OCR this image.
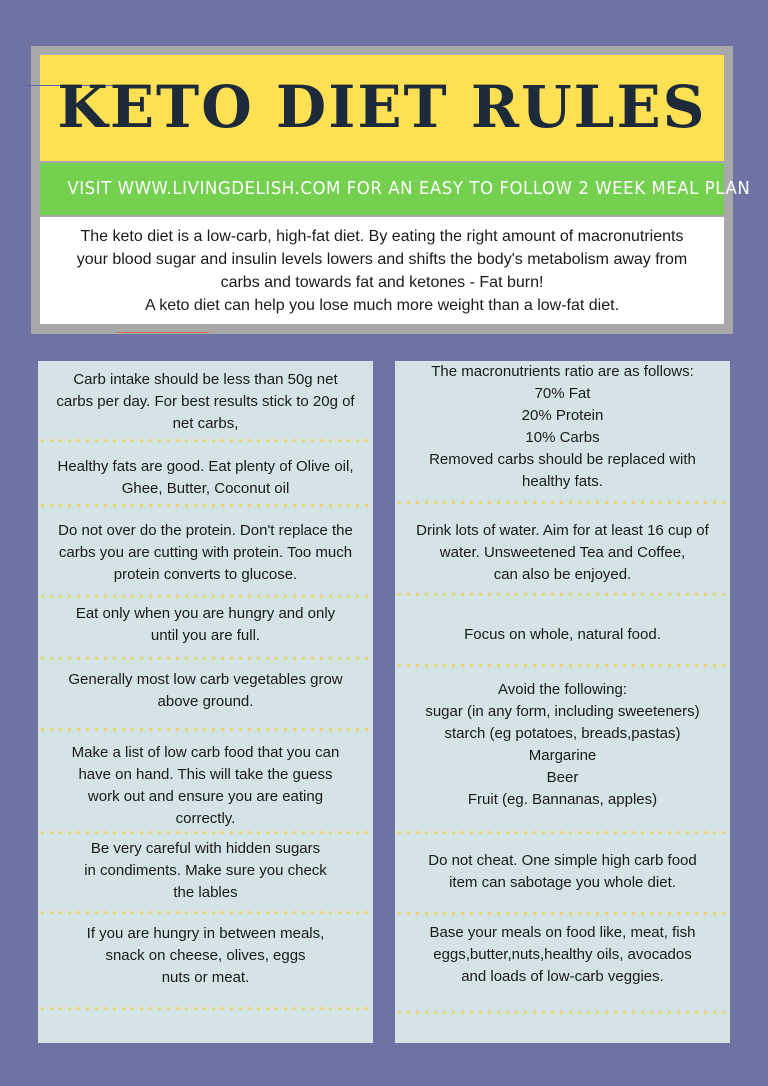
KETO DIET RULES
VISIT WWW.LIVINGDELISH.COM FOR AN EASY TO FOLLOW 2 WEEK MEAL PLAN

The keto diet is a low-carb, high-fat diet. By eating the right amount of macronutrients

your blood sugar and insulin levels lowers and shifts the body's metabolism away from

carbs and towards fat and ketones - Fat burn!

A keto diet can help you lose much more weight than a low-fat diet.

Carb intake should be less than 50g net
carbs per day. For best results stick to 20g of
net carbs,
Healthy fats are good. Eat plenty of Olive oil,
Ghee, Butter, Coconut oil
Do not over do the protein. Don't replace the
carbs you are cutting with protein. Too much
protein converts to glucose.
Eat only when you are hungry and only
until you are full.
Generally most low carb vegetables grow
above ground.
Make a list of low carb food that you can
have on hand. This will take the guess
work out and ensure you are eating
correctly.
Be very careful with hidden sugars
in condiments. Make sure you check
the lables
If you are hungry in between meals,
snack on cheese, olives, eggs
nuts or meat.
The macronutrients ratio are as follows:
70% Fat
20% Protein
10% Carbs
Removed carbs should be replaced with
healthy fats.
Drink lots of water. Aim for at least 16 cup of
water. Unsweetened Tea and Coffee,
can also be enjoyed.
Focus on whole, natural food.
Avoid the following:
sugar (in any form, including sweeteners)
starch (eg potatoes, breads,pastas)
Margarine
Beer
Fruit (eg. Bannanas, apples)
Do not cheat. One simple high carb food
item can sabotage you whole diet.
Base your meals on food like, meat, fish
eggs,butter,nuts,healthy oils, avocados
and loads of low-carb veggies.
